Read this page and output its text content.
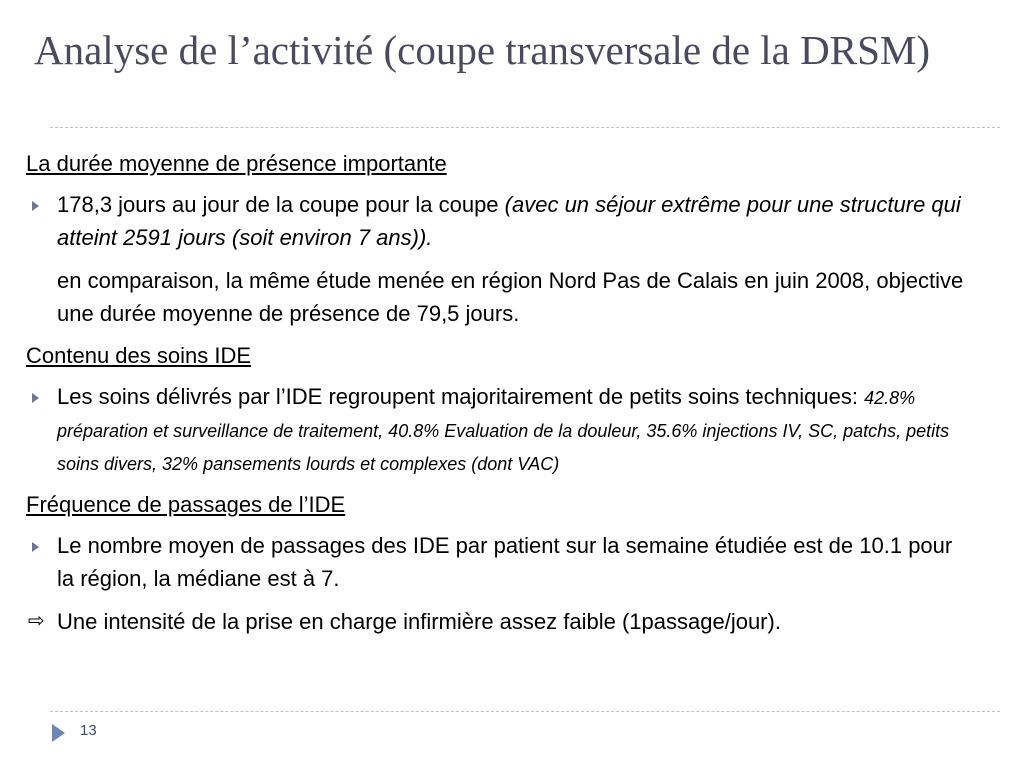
Analyse de l’activité (coupe transversale de la DRSM)

La durée moyenne de présence importante

178,3 jours au jour de la coupe pour la coupe (avec un séjour extrême pour une structure qui atteint 2591 jours (soit environ 7 ans)).

en comparaison, la même étude menée en région Nord Pas de Calais en juin 2008, objective une durée moyenne de présence de 79,5 jours.

Contenu des soins IDE

Les soins délivrés par l’IDE regroupent majoritairement de petits soins techniques: 42.8% préparation et surveillance de traitement, 40.8% Evaluation de la douleur, 35.6% injections IV, SC, patchs, petits soins divers, 32% pansements lourds et complexes (dont VAC)

Fréquence de passages de l’IDE

Le nombre moyen de passages des IDE par patient sur la semaine étudiée est de 10.1 pour la région, la médiane est à 7.

⇨ Une intensité de la prise en charge infirmière assez faible (1passage/jour).

13
